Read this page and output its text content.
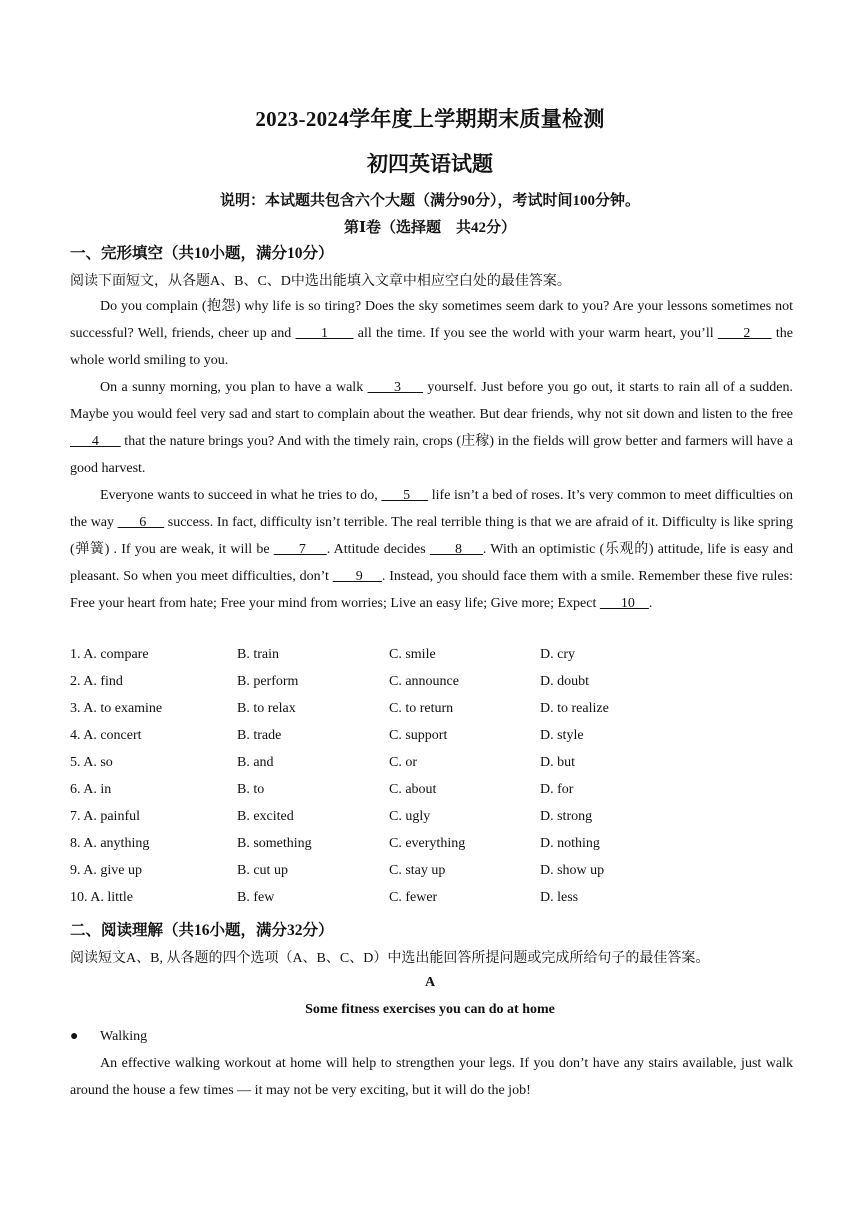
2023-2024学年度上学期期末质量检测
初四英语试题
说明：本试题共包含六个大题（满分90分），考试时间100分钟。
第Ⅰ卷（选择题　共42分）
一、完形填空（共10小题，满分10分）
阅读下面短文，从各题A、B、C、D中选出能填入文章中相应空白处的最佳答案。

Do you complain (抱怨) why life is so tiring? Does the sky sometimes seem dark to you? Are your lessons sometimes not successful? Well, friends, cheer up and       1       all the time. If you see the world with your warm heart, you’ll       2      the whole world smiling to you.

On a sunny morning, you plan to have a walk       3      yourself. Just before you go out, it starts to rain all of a sudden. Maybe you would feel very sad and start to complain about the weather. But dear friends, why not sit down and listen to the free       4       that the nature brings you? And with the timely rain, crops (庄稼) in the fields will grow better and farmers will have a good harvest.

Everyone wants to succeed in what he tries to do,       5      life isn’t a bed of roses. It’s very common to meet difficulties on the way       6      success. In fact, difficulty isn’t terrible. The real terrible thing is that we are afraid of it. Difficulty is like spring (弹簧) . If you are weak, it will be       7     . Attitude decides       8     . With an optimistic (乐观的) attitude, life is easy and pleasant. So when you meet difficulties, don’t       9     . Instead, you should face them with a smile. Remember these five rules: Free your heart from hate; Free your mind from worries; Live an easy life; Give more; Expect       10    .

1. A. compare	B. train	C. smile	D. cry
2. A. find	B. perform	C. announce	D. doubt
3. A. to examine	B. to relax	C. to return	D. to realize
4. A. concert	B. trade	C. support	D. style
5. A. so	B. and	C. or	D. but
6. A. in	B. to	C. about	D. for
7. A. painful	B. excited	C. ugly	D. strong
8. A. anything	B. something	C. everything	D. nothing
9. A. give up	B. cut up	C. stay up	D. show up
10. A. little	B. few	C. fewer	D. less
二、阅读理解（共16小题，满分32分）
阅读短文A、B, 从各题的四个选项（A、B、C、D）中选出能回答所提问题或完成所给句子的最佳答案。
A
Some fitness exercises you can do at home
● Walking

An effective walking workout at home will help to strengthen your legs. If you don’t have any stairs available, just walk around the house a few times — it may not be very exciting, but it will do the job!
